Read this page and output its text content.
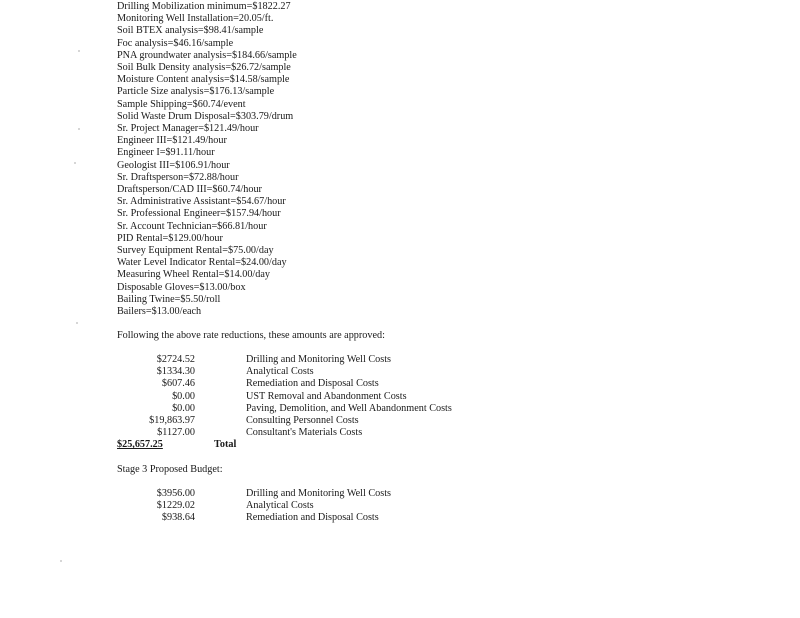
Drilling Mobilization minimum=$1822.27
Monitoring Well Installation=20.05/ft.
Soil BTEX analysis=$98.41/sample
Foc analysis=$46.16/sample
PNA groundwater analysis=$184.66/sample
Soil Bulk Density analysis=$26.72/sample
Moisture Content analysis=$14.58/sample
Particle Size analysis=$176.13/sample
Sample Shipping=$60.74/event
Solid Waste Drum Disposal=$303.79/drum
Sr. Project Manager=$121.49/hour
Engineer III=$121.49/hour
Engineer I=$91.11/hour
Geologist III=$106.91/hour
Sr. Draftsperson=$72.88/hour
Draftsperson/CAD III=$60.74/hour
Sr. Administrative Assistant=$54.67/hour
Sr. Professional Engineer=$157.94/hour
Sr. Account Technician=$66.81/hour
PID Rental=$129.00/hour
Survey Equipment Rental=$75.00/day
Water Level Indicator Rental=$24.00/day
Measuring Wheel Rental=$14.00/day
Disposable Gloves=$13.00/box
Bailing Twine=$5.50/roll
Bailers=$13.00/each
Following the above rate reductions, these amounts are approved:
$2724.52	Drilling and Monitoring Well Costs
$1334.30	Analytical Costs
$607.46	Remediation and Disposal Costs
$0.00	UST Removal and Abandonment Costs
$0.00	Paving, Demolition, and Well Abandonment Costs
$19,863.97	Consulting Personnel Costs
$1127.00	Consultant's Materials Costs
$25,657.25	Total
Stage 3 Proposed Budget:
$3956.00	Drilling and Monitoring Well Costs
$1229.02	Analytical Costs
$938.64	Remediation and Disposal Costs
